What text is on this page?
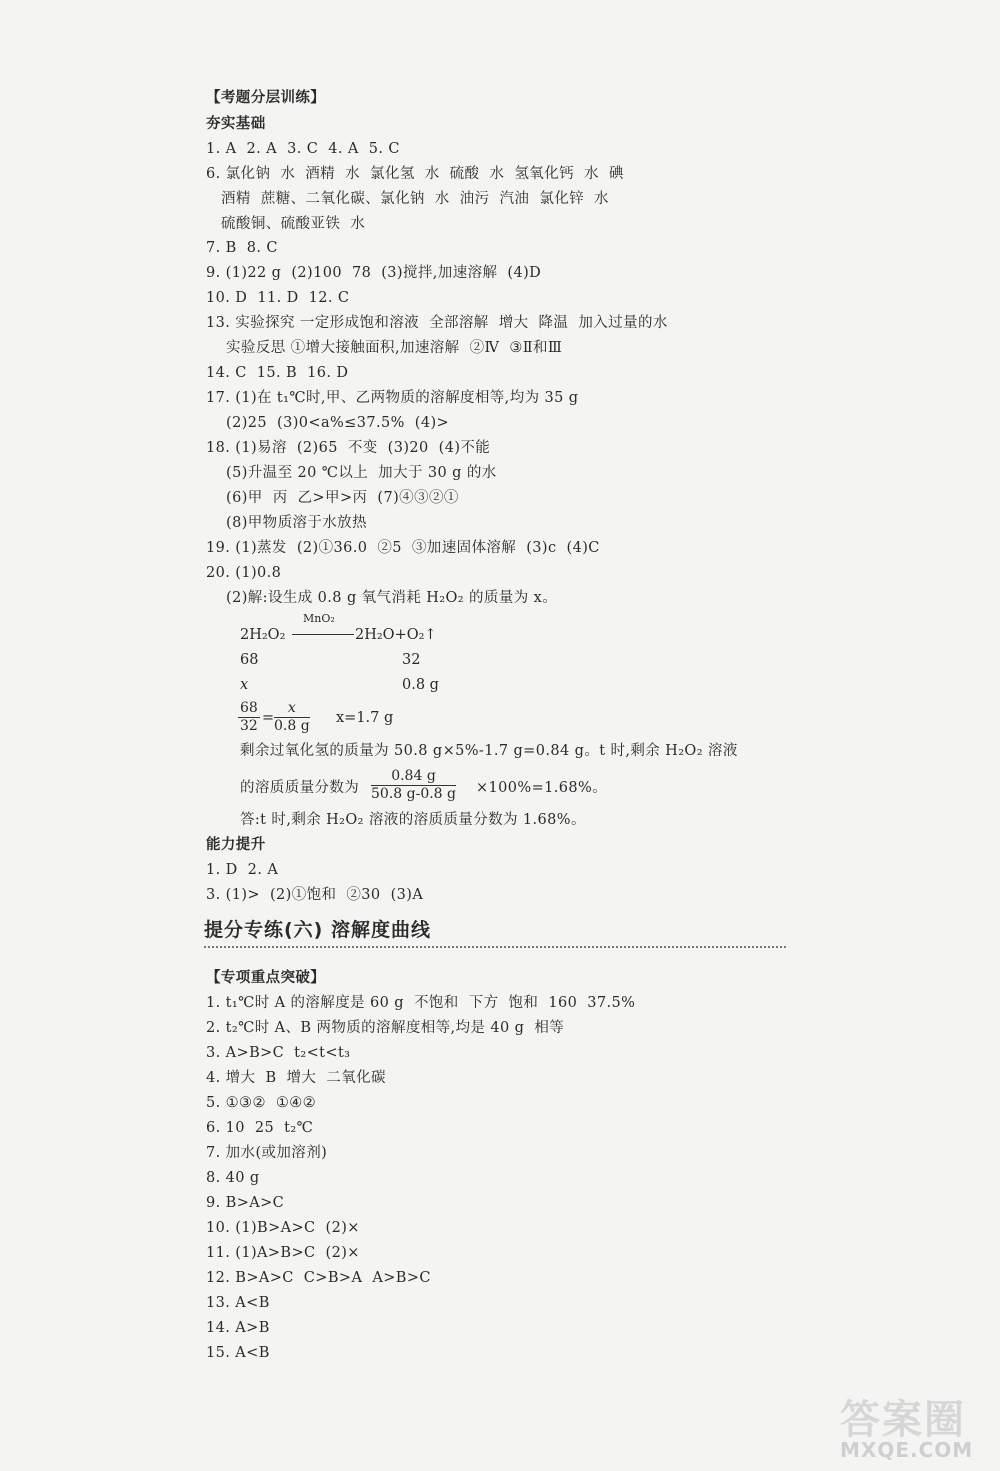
【考题分层训练】
夯实基础
1. A  2. A  3. C  4. A  5. C
6. 氯化钠  水  酒精  水  氯化氢  水  硫酸  水  氢氧化钙  水  碘
酒精  蔗糖、二氧化碳、氯化钠  水  油污  汽油  氯化锌  水
硫酸铜、硫酸亚铁  水
7. B  8. C
9. (1)22 g  (2)100  78  (3)搅拌,加速溶解  (4)D
10. D  11. D  12. C
13. 实验探究 一定形成饱和溶液  全部溶解  增大  降温  加入过量的水
实验反思 ①增大接触面积,加速溶解  ②Ⅳ  ③Ⅱ和Ⅲ
14. C  15. B  16. D
17. (1)在 t₁℃时,甲、乙两物质的溶解度相等,均为 35 g
(2)25  (3)0<a%≤37.5%  (4)>
18. (1)易溶  (2)65  不变  (3)20  (4)不能
(5)升温至 20 ℃以上  加大于 30 g 的水
(6)甲  丙  乙>甲>丙  (7)④③②①
(8)甲物质溶于水放热
19. (1)蒸发  (2)①36.0  ②5  ③加速固体溶解  (3)c  (4)C
20. (1)0.8
(2)解:设生成 0.8 g 氧气消耗 H₂O₂ 的质量为 x。
2H₂O₂
MnO₂
2H₂O+O₂↑
68	32
x	0.8 g
$\frac{68}{32} = \frac{x}{0.8 g} x=1.7$ g
剩余过氧化氢的质量为 50.8 g×5%-1.7 g=0.84 g。t 时,剩余 H₂O₂ 溶液
的溶质质量分数为 $\frac{0.84 g}{50.8 g-0.8 g} \times 100\%=1.68\%$。
答:t 时,剩余 H₂O₂ 溶液的溶质质量分数为 1.68%。
能力提升
1. D  2. A
3. (1)>  (2)①饱和  ②30  (3)A
提分专练(六) 溶解度曲线
【专项重点突破】
1. t₁℃时 A 的溶解度是 60 g  不饱和  下方  饱和  160  37.5%
2. t₂℃时 A、B 两物质的溶解度相等,均是 40 g  相等
3. A>B>C  t₂<t<t₃
4. 增大  B  增大  二氧化碳
5. ①③②  ①④②
6. 10  25  t₂℃
7. 加水(或加溶剂)
8. 40 g
9. B>A>C
10. (1)B>A>C  (2)×
11. (1)A>B>C  (2)×
12. B>A>C  C>B>A  A>B>C
13. A<B
14. A>B
15. A<B
答案圈
MXQE.COM
